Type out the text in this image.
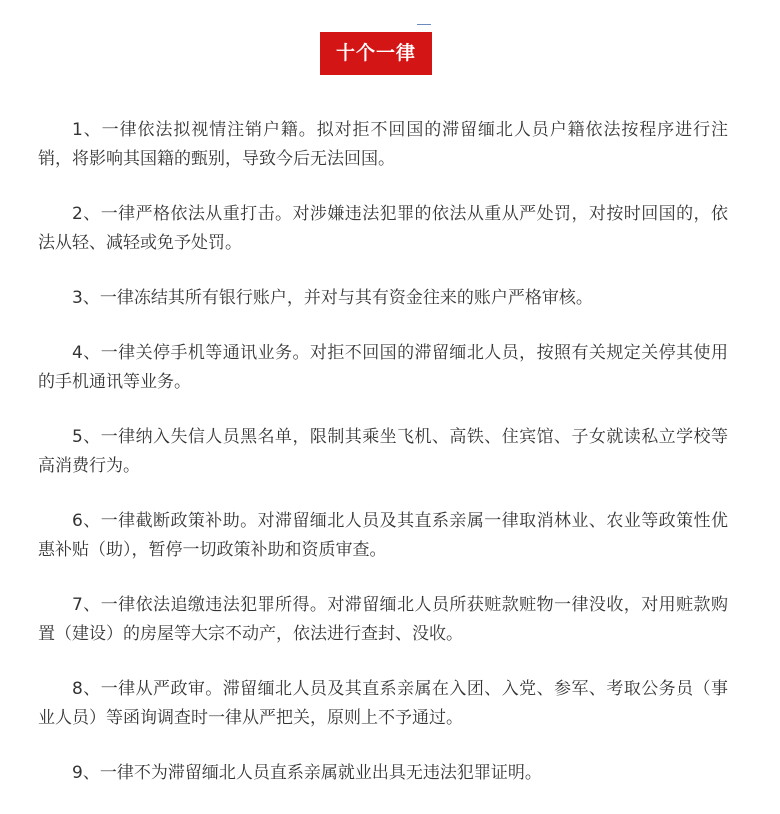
十个一律

1、一律依法拟视情注销户籍。拟对拒不回国的滞留缅北人员户籍依法按程序进行注销，将影响其国籍的甄别，导致今后无法回国。

2、一律严格依法从重打击。对涉嫌违法犯罪的依法从重从严处罚，对按时回国的，依法从轻、减轻或免予处罚。

3、一律冻结其所有银行账户，并对与其有资金往来的账户严格审核。

4、一律关停手机等通讯业务。对拒不回国的滞留缅北人员，按照有关规定关停其使用的手机通讯等业务。

5、一律纳入失信人员黑名单，限制其乘坐飞机、高铁、住宾馆、子女就读私立学校等高消费行为。

6、一律截断政策补助。对滞留缅北人员及其直系亲属一律取消林业、农业等政策性优惠补贴（助），暂停一切政策补助和资质审查。

7、一律依法追缴违法犯罪所得。对滞留缅北人员所获赃款赃物一律没收，对用赃款购置（建设）的房屋等大宗不动产，依法进行查封、没收。

8、一律从严政审。滞留缅北人员及其直系亲属在入团、入党、参军、考取公务员（事业人员）等函询调查时一律从严把关，原则上不予通过。

9、一律不为滞留缅北人员直系亲属就业出具无违法犯罪证明。
